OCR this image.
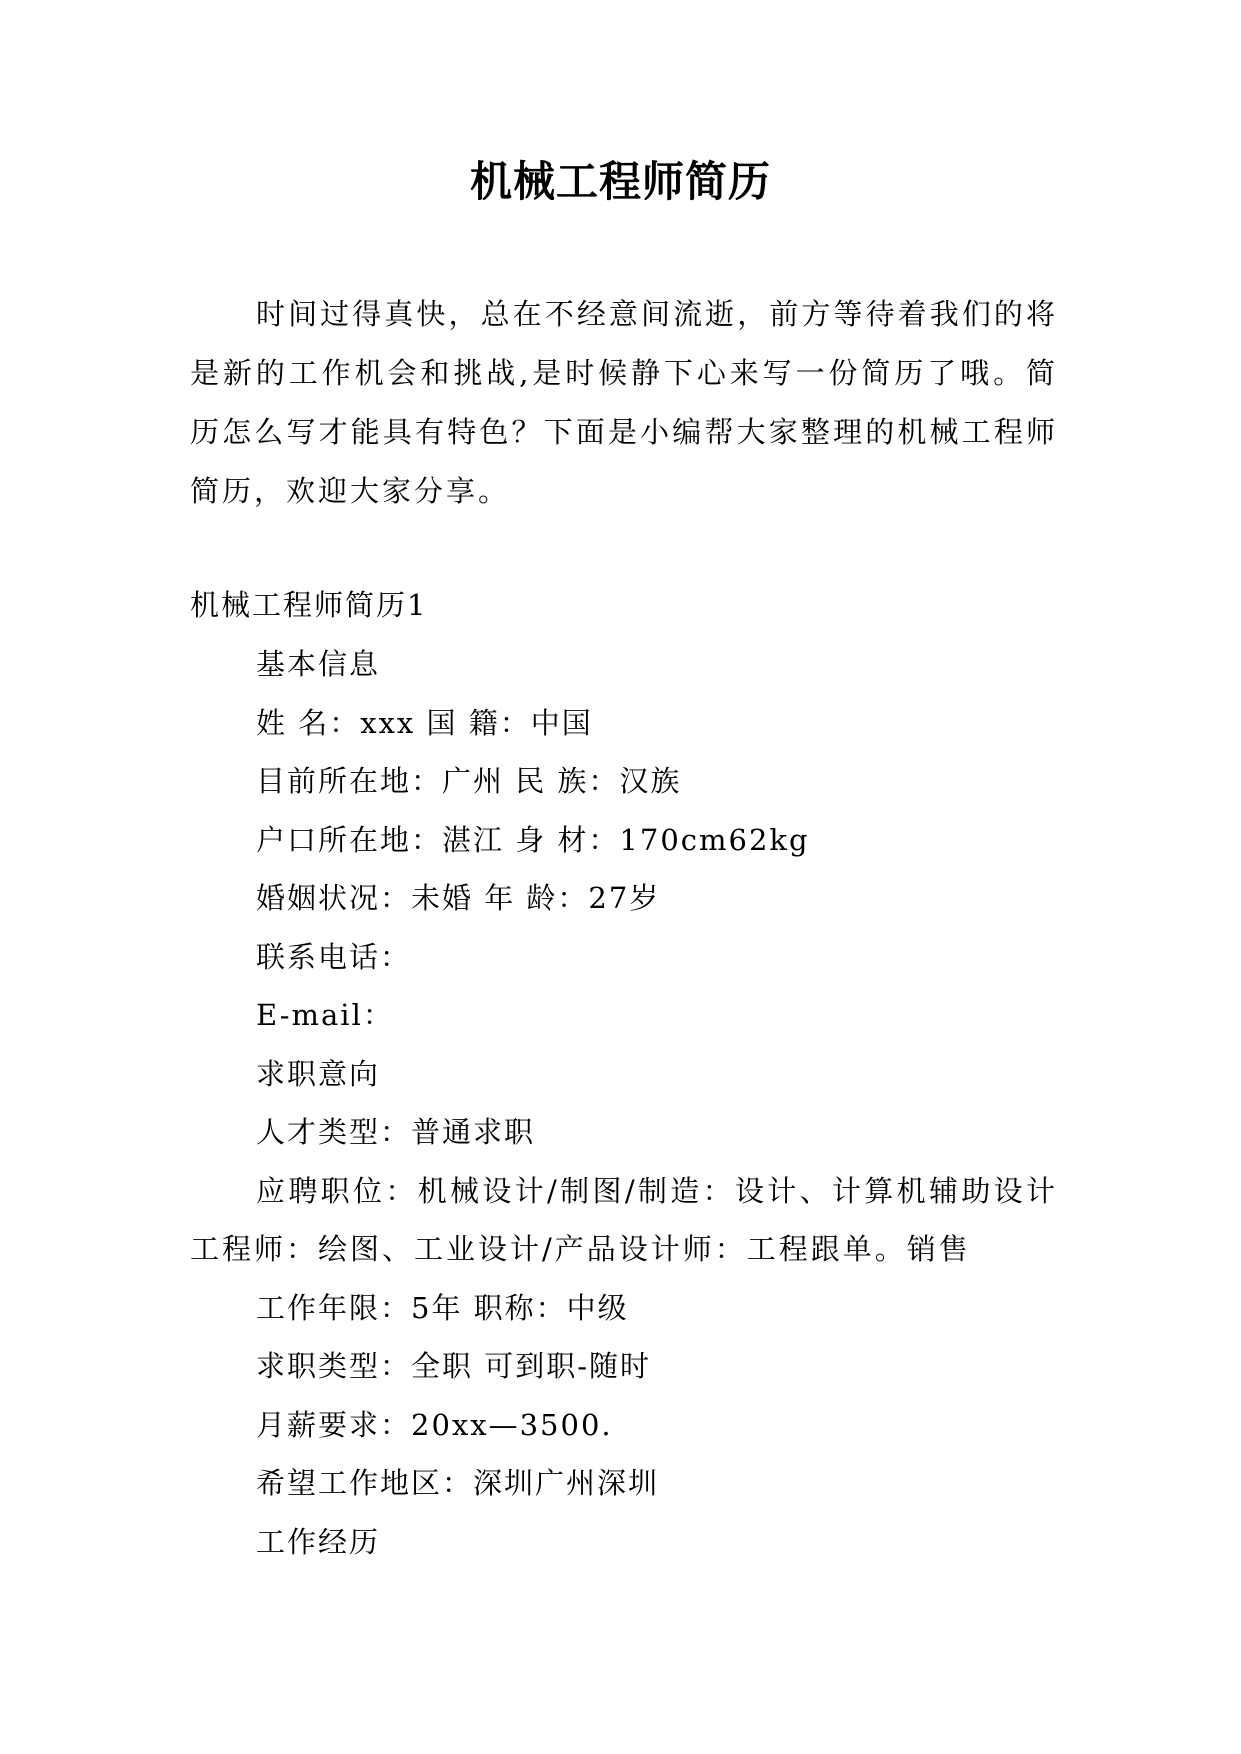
机械工程师简历

时间过得真快，总在不经意间流逝，前方等待着我们的将是新的工作机会和挑战,是时候静下心来写一份简历了哦。简历怎么写才能具有特色？下面是小编帮大家整理的机械工程师简历，欢迎大家分享。

机械工程师简历1

基本信息
姓 名：xxx 国 籍：中国
目前所在地：广州 民 族：汉族
户口所在地：湛江 身 材：170cm62kg
婚姻状况：未婚 年 龄：27岁
联系电话：
E-mail：
求职意向
人才类型：普通求职
应聘职位：机械设计/制图/制造：设计、计算机辅助设计工程师：绘图、工业设计/产品设计师：工程跟单。销售
工作年限：5年 职称：中级
求职类型：全职 可到职-随时
月薪要求：20xx—3500.
希望工作地区：深圳广州深圳
工作经历
